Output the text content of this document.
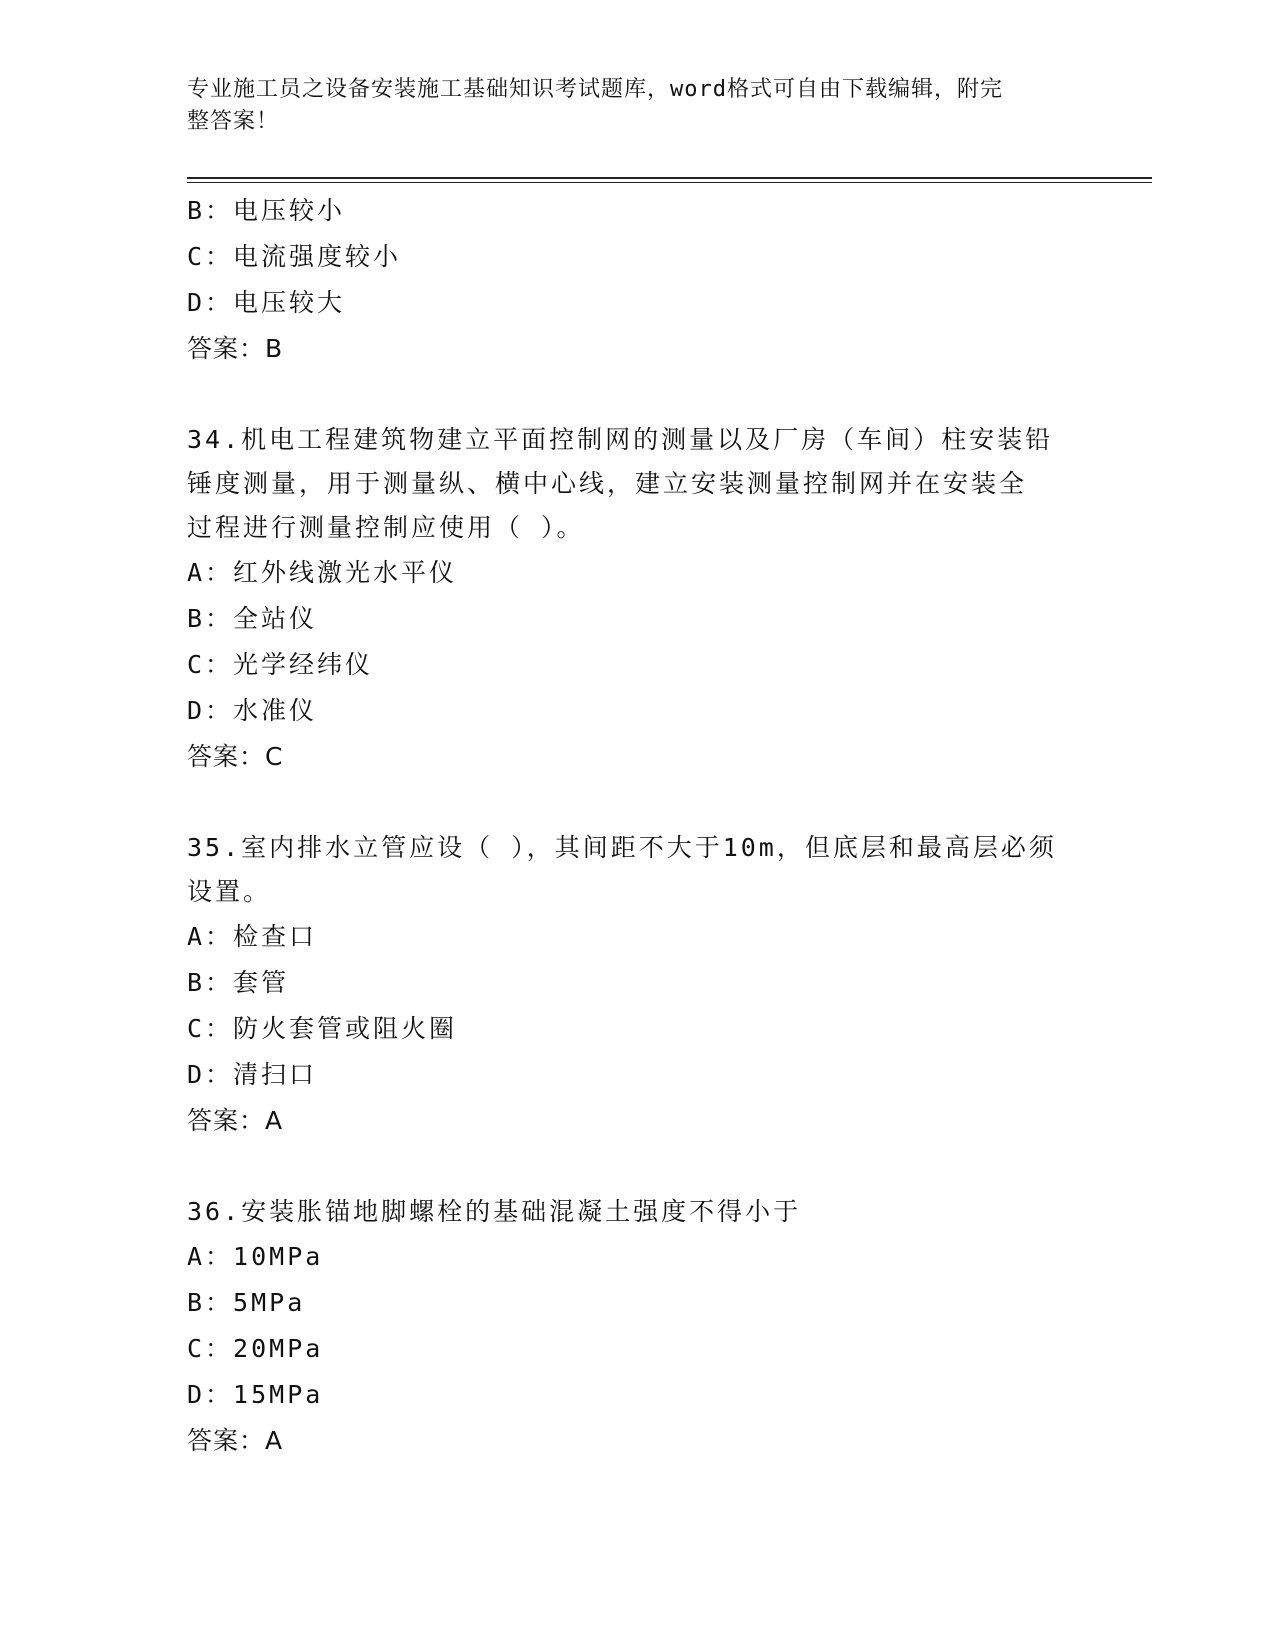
专业施工员之设备安装施工基础知识考试题库，word格式可自由下载编辑，附完
整答案！
B：电压较小
C：电流强度较小
D：电压较大
答案：B
34.机电工程建筑物建立平面控制网的测量以及厂房（车间）柱安装铅
锤度测量，用于测量纵、横中心线，建立安装测量控制网并在安装全
过程进行测量控制应使用（ ）。
A：红外线激光水平仪
B：全站仪
C：光学经纬仪
D：水准仪
答案：C
35.室内排水立管应设（ ），其间距不大于10m，但底层和最高层必须
设置。
A：检查口
B：套管
C：防火套管或阻火圈
D：清扫口
答案：A
36.安装胀锚地脚螺栓的基础混凝土强度不得小于
A：10MPa
B：5MPa
C：20MPa
D：15MPa
答案：A
